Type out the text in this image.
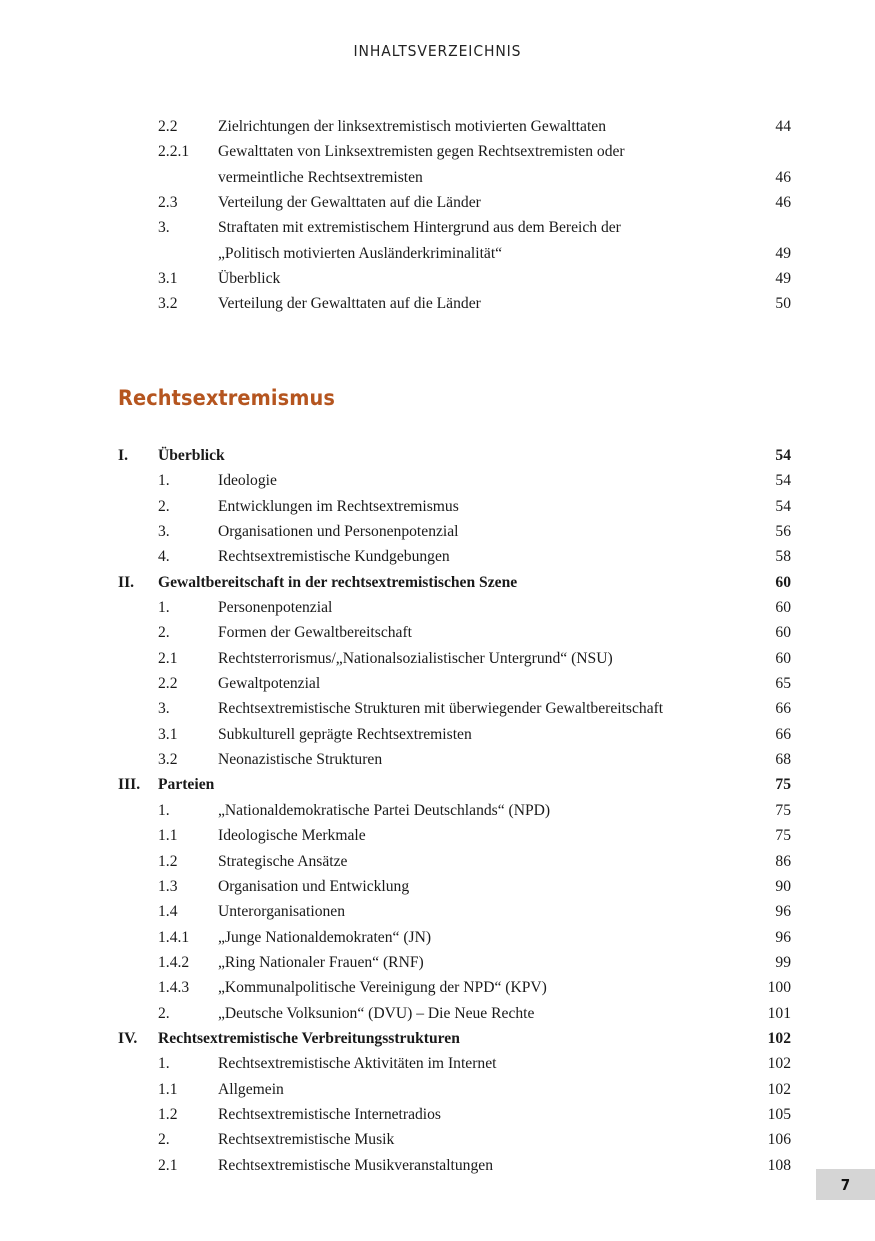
INHALTSVERZEICHNIS
2.2	Zielrichtungen der linksextremistisch motivierten Gewalttaten	44
2.2.1 Gewalttaten von Linksextremisten gegen Rechtsextremisten oder
vermeintliche Rechtsextremisten	46
2.3	Verteilung der Gewalttaten auf die Länder	46
3.	Straftaten mit extremistischem Hintergrund aus dem Bereich der
„Politisch motivierten Ausländerkriminalität“	49
3.1	Überblick	49
3.2	Verteilung der Gewalttaten auf die Länder	50
Rechtsextremismus
I. Überblick	54
1.	Ideologie	54
2.	Entwicklungen im Rechtsextremismus	54
3.	Organisationen und Personenpotenzial	56
4.	Rechtsextremistische Kundgebungen	58
II. Gewaltbereitschaft in der rechtsextremistischen Szene	60
1.	Personenpotenzial	60
2.	Formen der Gewaltbereitschaft	60
2.1	Rechtsterrorismus/„Nationalsozialistischer Untergrund“ (NSU)	60
2.2	Gewaltpotenzial	65
3.	Rechtsextremistische Strukturen mit überwiegender Gewaltbereitschaft	66
3.1	Subkulturell geprägte Rechtsextremisten	66
3.2	Neonazistische Strukturen	68
III. Parteien	75
1.	„Nationaldemokratische Partei Deutschlands“ (NPD)	75
1.1	Ideologische Merkmale	75
1.2	Strategische Ansätze	86
1.3	Organisation und Entwicklung	90
1.4	Unterorganisationen	96
1.4.1 „Junge Nationaldemokraten“ (JN)	96
1.4.2 „Ring Nationaler Frauen“ (RNF)	99
1.4.3 „Kommunalpolitische Vereinigung der NPD“ (KPV)	100
2.	„Deutsche Volksunion“ (DVU) – Die Neue Rechte	101
IV. Rechtsextremistische Verbreitungsstrukturen	102
1.	Rechtsextremistische Aktivitäten im Internet	102
1.1	Allgemein	102
1.2	Rechtsextremistische Internetradios	105
2.	Rechtsextremistische Musik	106
2.1	Rechtsextremistische Musikveranstaltungen	108
7
